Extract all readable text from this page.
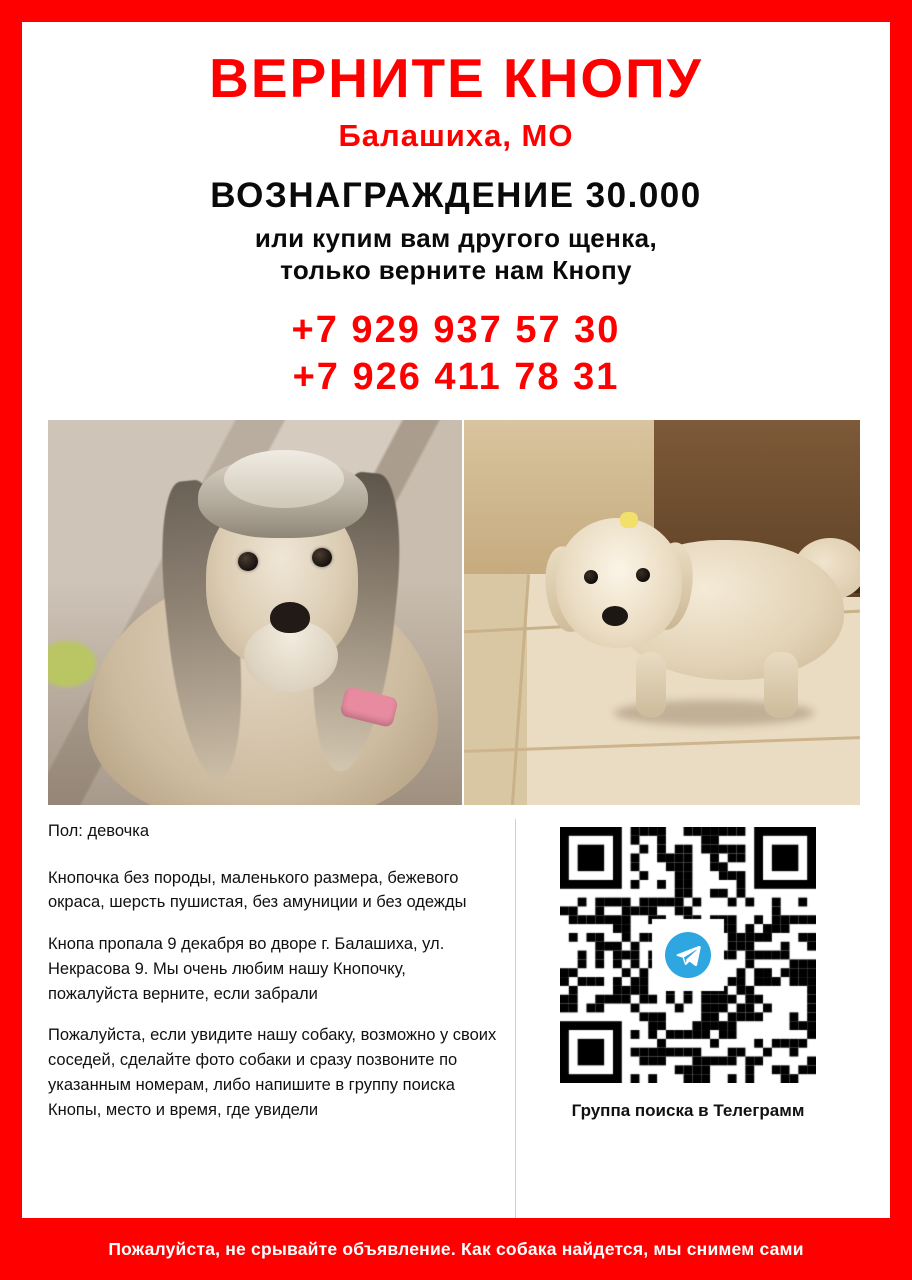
ВЕРНИТЕ КНОПУ
Балашиха, МО
ВОЗНАГРАЖДЕНИЕ 30.000
или купим вам другого щенка,
только верните нам Кнопу
+7 929 937 57 30
+7 926 411 78 31

Пол: девочка

Кнопочка без породы, маленького размера, бежевого окраса, шерсть пушистая, без амуниции и без одежды

Кнопа пропала 9 декабря во дворе г. Балашиха, ул. Некрасова 9. Мы очень любим нашу Кнопочку, пожалуйста верните, если забрали

Пожалуйста, если увидите нашу собаку, возможно у своих соседей, сделайте фото собаки и сразу позвоните по указанным номерам, либо напишите в группу поиска Кнопы, место и время, где увидели	Группа поиска в Телеграмм
Пожалуйста, не срывайте объявление. Как собака найдется, мы снимем сами
